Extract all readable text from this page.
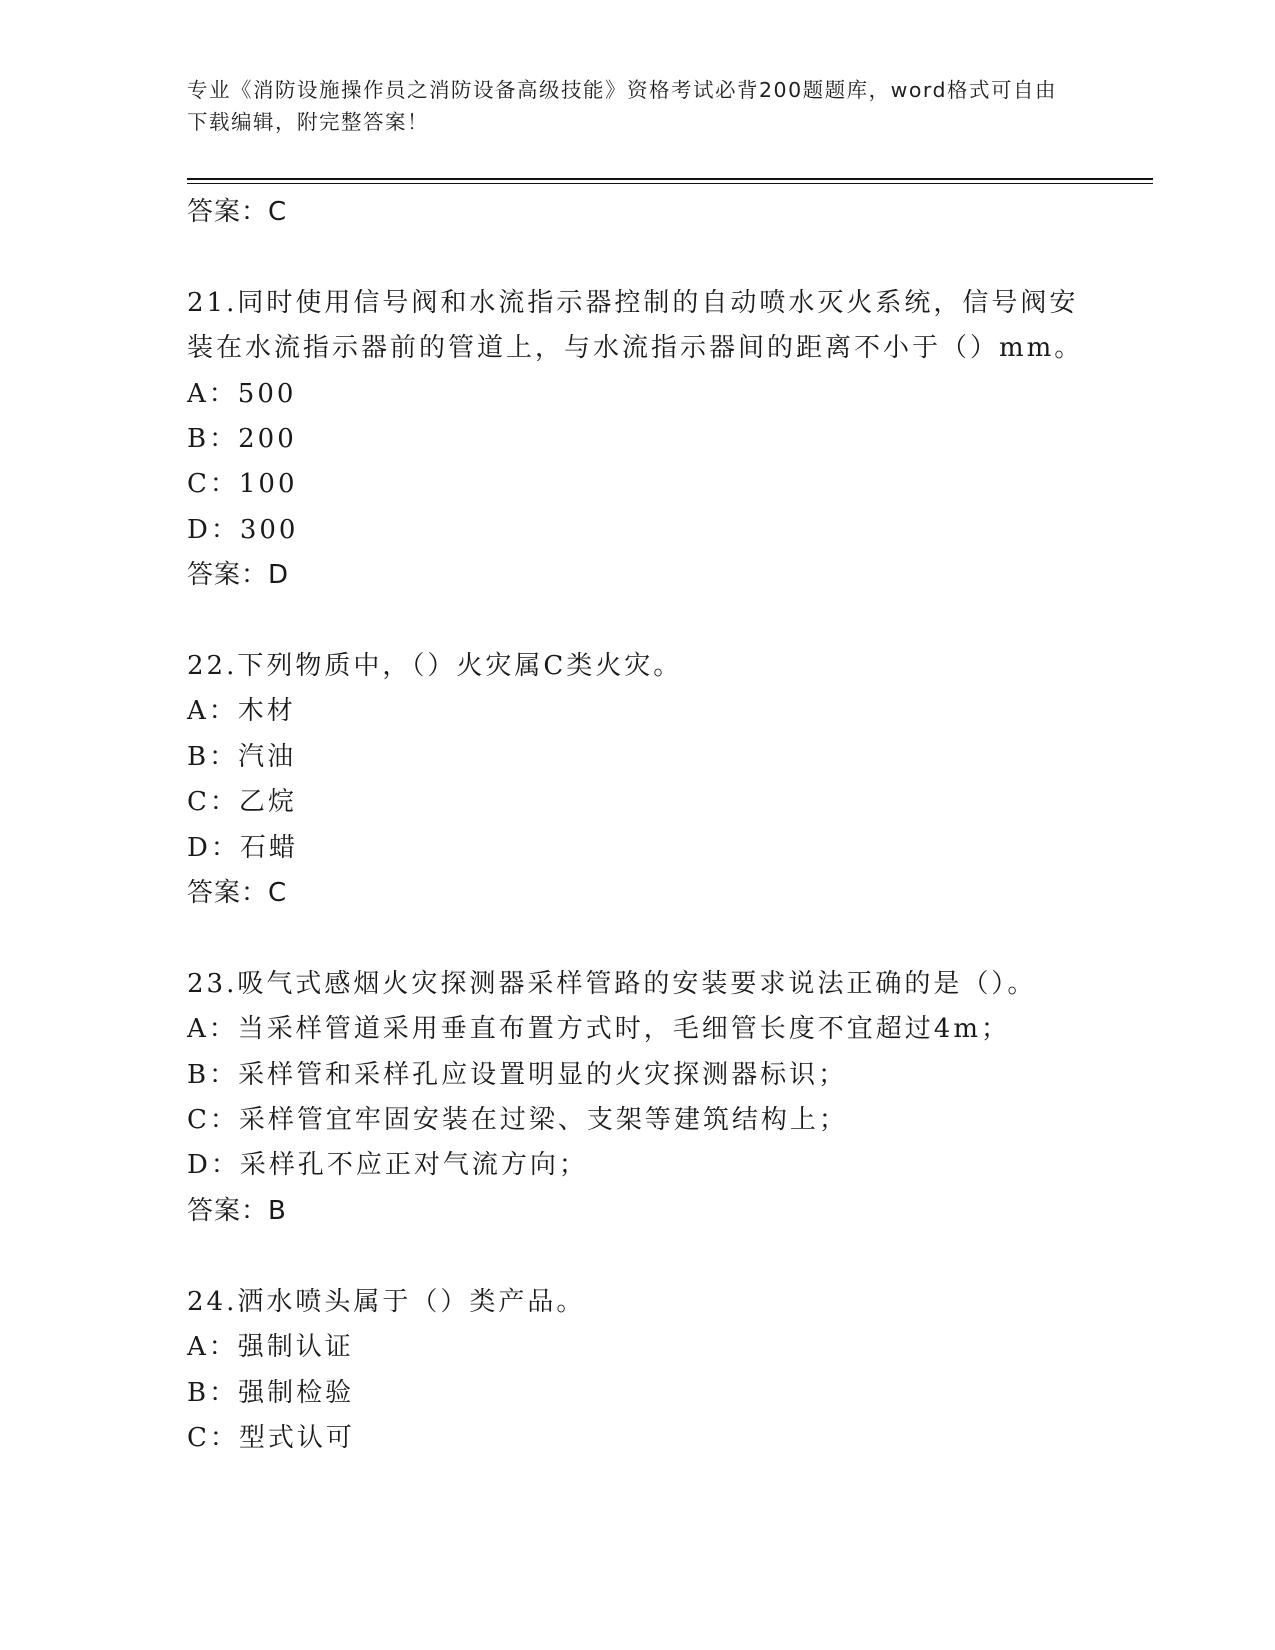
专业《消防设施操作员之消防设备高级技能》资格考试必背200题题库，word格式可自由下载编辑，附完整答案！
答案：C
21.同时使用信号阀和水流指示器控制的自动喷水灭火系统，信号阀安
装在水流指示器前的管道上，与水流指示器间的距离不小于（）mm。
A：500
B：200
C：100
D：300
答案：D
22.下列物质中，（）火灾属C类火灾。
A：木材
B：汽油
C：乙烷
D：石蜡
答案：C
23.吸气式感烟火灾探测器采样管路的安装要求说法正确的是（）。
A：当采样管道采用垂直布置方式时，毛细管长度不宜超过4m；
B：采样管和采样孔应设置明显的火灾探测器标识；
C：采样管宜牢固安装在过梁、支架等建筑结构上；
D：采样孔不应正对气流方向；
答案：B
24.洒水喷头属于（）类产品。
A：强制认证
B：强制检验
C：型式认可
